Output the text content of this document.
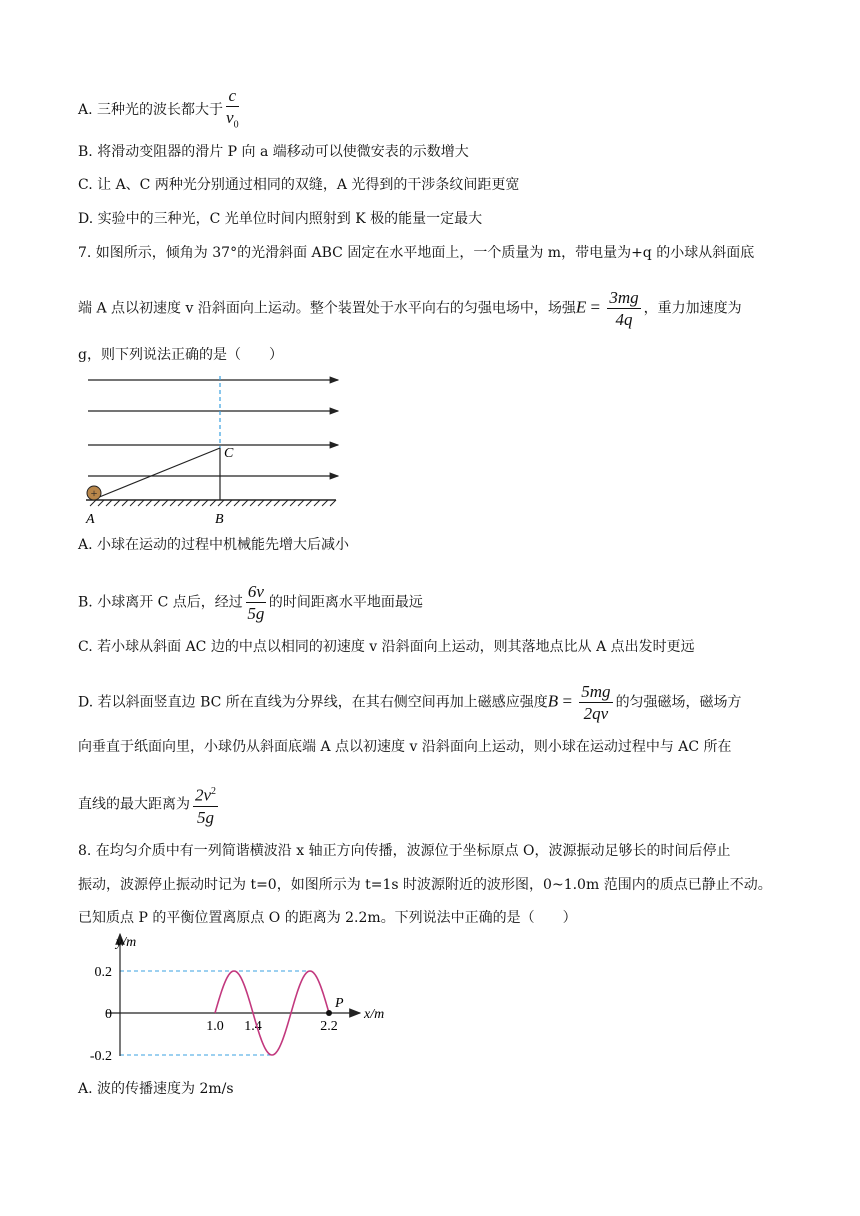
A. 三种光的波长都大于 $\frac{c}{v_0}$
B. 将滑动变阻器的滑片 P 向 a 端移动可以使微安表的示数增大
C. 让 A、C 两种光分别通过相同的双缝，A 光得到的干涉条纹间距更宽
D. 实验中的三种光，C 光单位时间内照射到 K 极的能量一定最大
7. 如图所示，倾角为 37°的光滑斜面 ABC 固定在水平地面上，一个质量为 m，带电量为+q 的小球从斜面底
端 A 点以初速度 v 沿斜面向上运动。整个装置处于水平向右的匀强电场中，场强$E = \frac{3mg}{4q}$ ，重力加速度为
g，则下列说法正确的是（　　）
+
C
A	B
A. 小球在运动的过程中机械能先增大后减小
B. 小球离开 C 点后，经过 $\frac{6v}{5g}$ 的时间距离水平地面最远
C. 若小球从斜面 AC 边的中点以相同的初速度 v 沿斜面向上运动，则其落地点比从 A 点出发时更远
D. 若以斜面竖直边 BC 所在直线为分界线，在其右侧空间再加上磁感应强度$B = \frac{5mg}{2qv}$ 的匀强磁场，磁场方
向垂直于纸面向里，小球仍从斜面底端 A 点以初速度 v 沿斜面向上运动，则小球在运动过程中与 AC 所在
直线的最大距离为 $\frac{2v^2}{5g}$
8. 在均匀介质中有一列简谐横波沿 x 轴正方向传播，波源位于坐标原点 O，波源振动足够长的时间后停止
振动，波源停止振动时记为 t=0，如图所示为 t=1s 时波源附近的波形图，0~1.0m 范围内的质点已静止不动。
已知质点 P 的平衡位置离原点 O 的距离为 2.2m。下列说法中正确的是（　　）
0.2
0
-0.2
1.0 1.4	2.2
P
x/m
y/m
A. 波的传播速度为 2m/s
